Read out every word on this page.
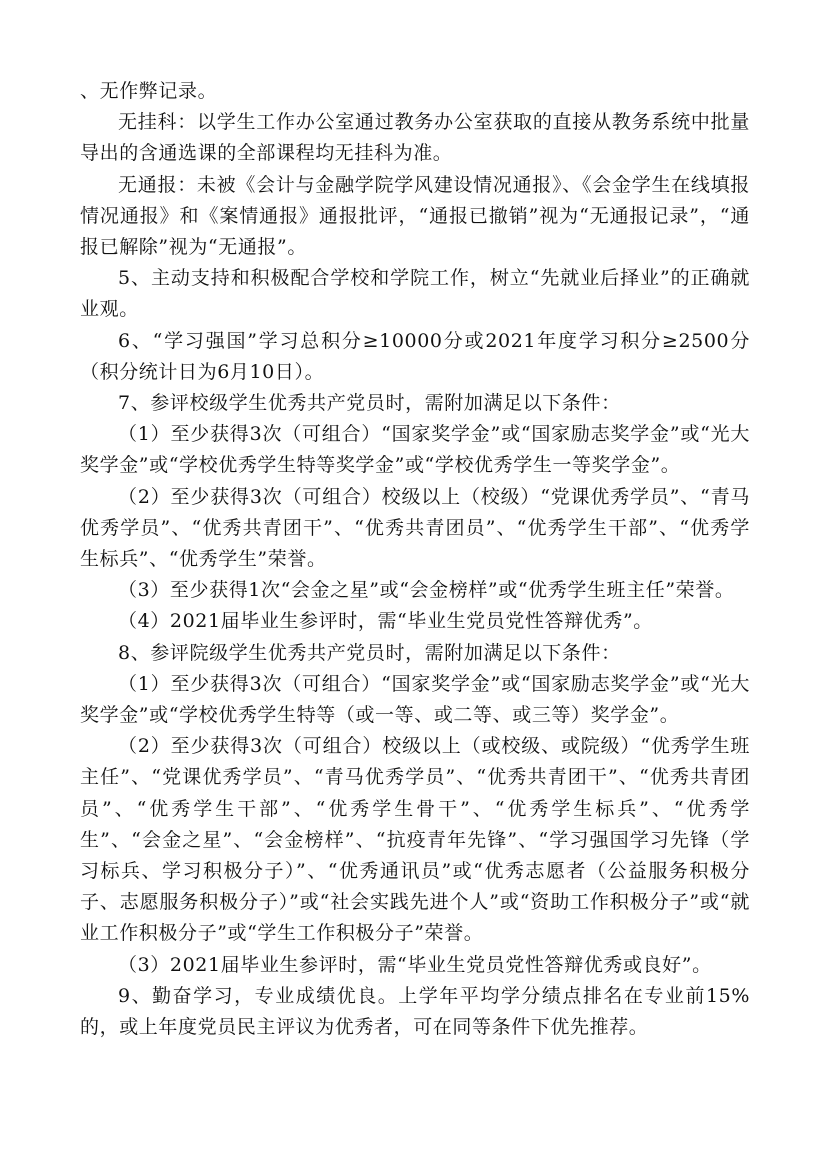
、无作弊记录。

无挂科：以学生工作办公室通过教务办公室获取的直接从教务系统中批量导出的含通选课的全部课程均无挂科为准。

无通报：未被《会计与金融学院学风建设情况通报》、《会金学生在线填报情况通报》和《案情通报》通报批评，“通报已撤销”视为“无通报记录”，“通报已解除”视为“无通报”。

5、主动支持和积极配合学校和学院工作，树立“先就业后择业”的正确就业观。

6、“学习强国”学习总积分≥10000分或2021年度学习积分≥2500分（积分统计日为6月10日）。

7、参评校级学生优秀共产党员时，需附加满足以下条件：

（1）至少获得3次（可组合）“国家奖学金”或“国家励志奖学金”或“光大奖学金”或“学校优秀学生特等奖学金”或“学校优秀学生一等奖学金”。

（2）至少获得3次（可组合）校级以上（校级）“党课优秀学员”、“青马优秀学员”、“优秀共青团干”、“优秀共青团员”、“优秀学生干部”、“优秀学生标兵”、“优秀学生”荣誉。

（3）至少获得1次“会金之星”或“会金榜样”或“优秀学生班主任”荣誉。

（4）2021届毕业生参评时，需“毕业生党员党性答辩优秀”。

8、参评院级学生优秀共产党员时，需附加满足以下条件：

（1）至少获得3次（可组合）“国家奖学金”或“国家励志奖学金”或“光大奖学金”或“学校优秀学生特等（或一等、或二等、或三等）奖学金”。

（2）至少获得3次（可组合）校级以上（或校级、或院级）“优秀学生班主任”、“党课优秀学员”、“青马优秀学员”、“优秀共青团干”、“优秀共青团员”、“优秀学生干部”、“优秀学生骨干”、“优秀学生标兵”、“优秀学生”、“会金之星”、“会金榜样”、“抗疫青年先锋”、“学习强国学习先锋（学习标兵、学习积极分子）”、“优秀通讯员”或“优秀志愿者（公益服务积极分子、志愿服务积极分子）”或“社会实践先进个人”或“资助工作积极分子”或“就业工作积极分子”或“学生工作积极分子”荣誉。

（3）2021届毕业生参评时，需“毕业生党员党性答辩优秀或良好”。

9、勤奋学习，专业成绩优良。上学年平均学分绩点排名在专业前15%的，或上年度党员民主评议为优秀者，可在同等条件下优先推荐。
